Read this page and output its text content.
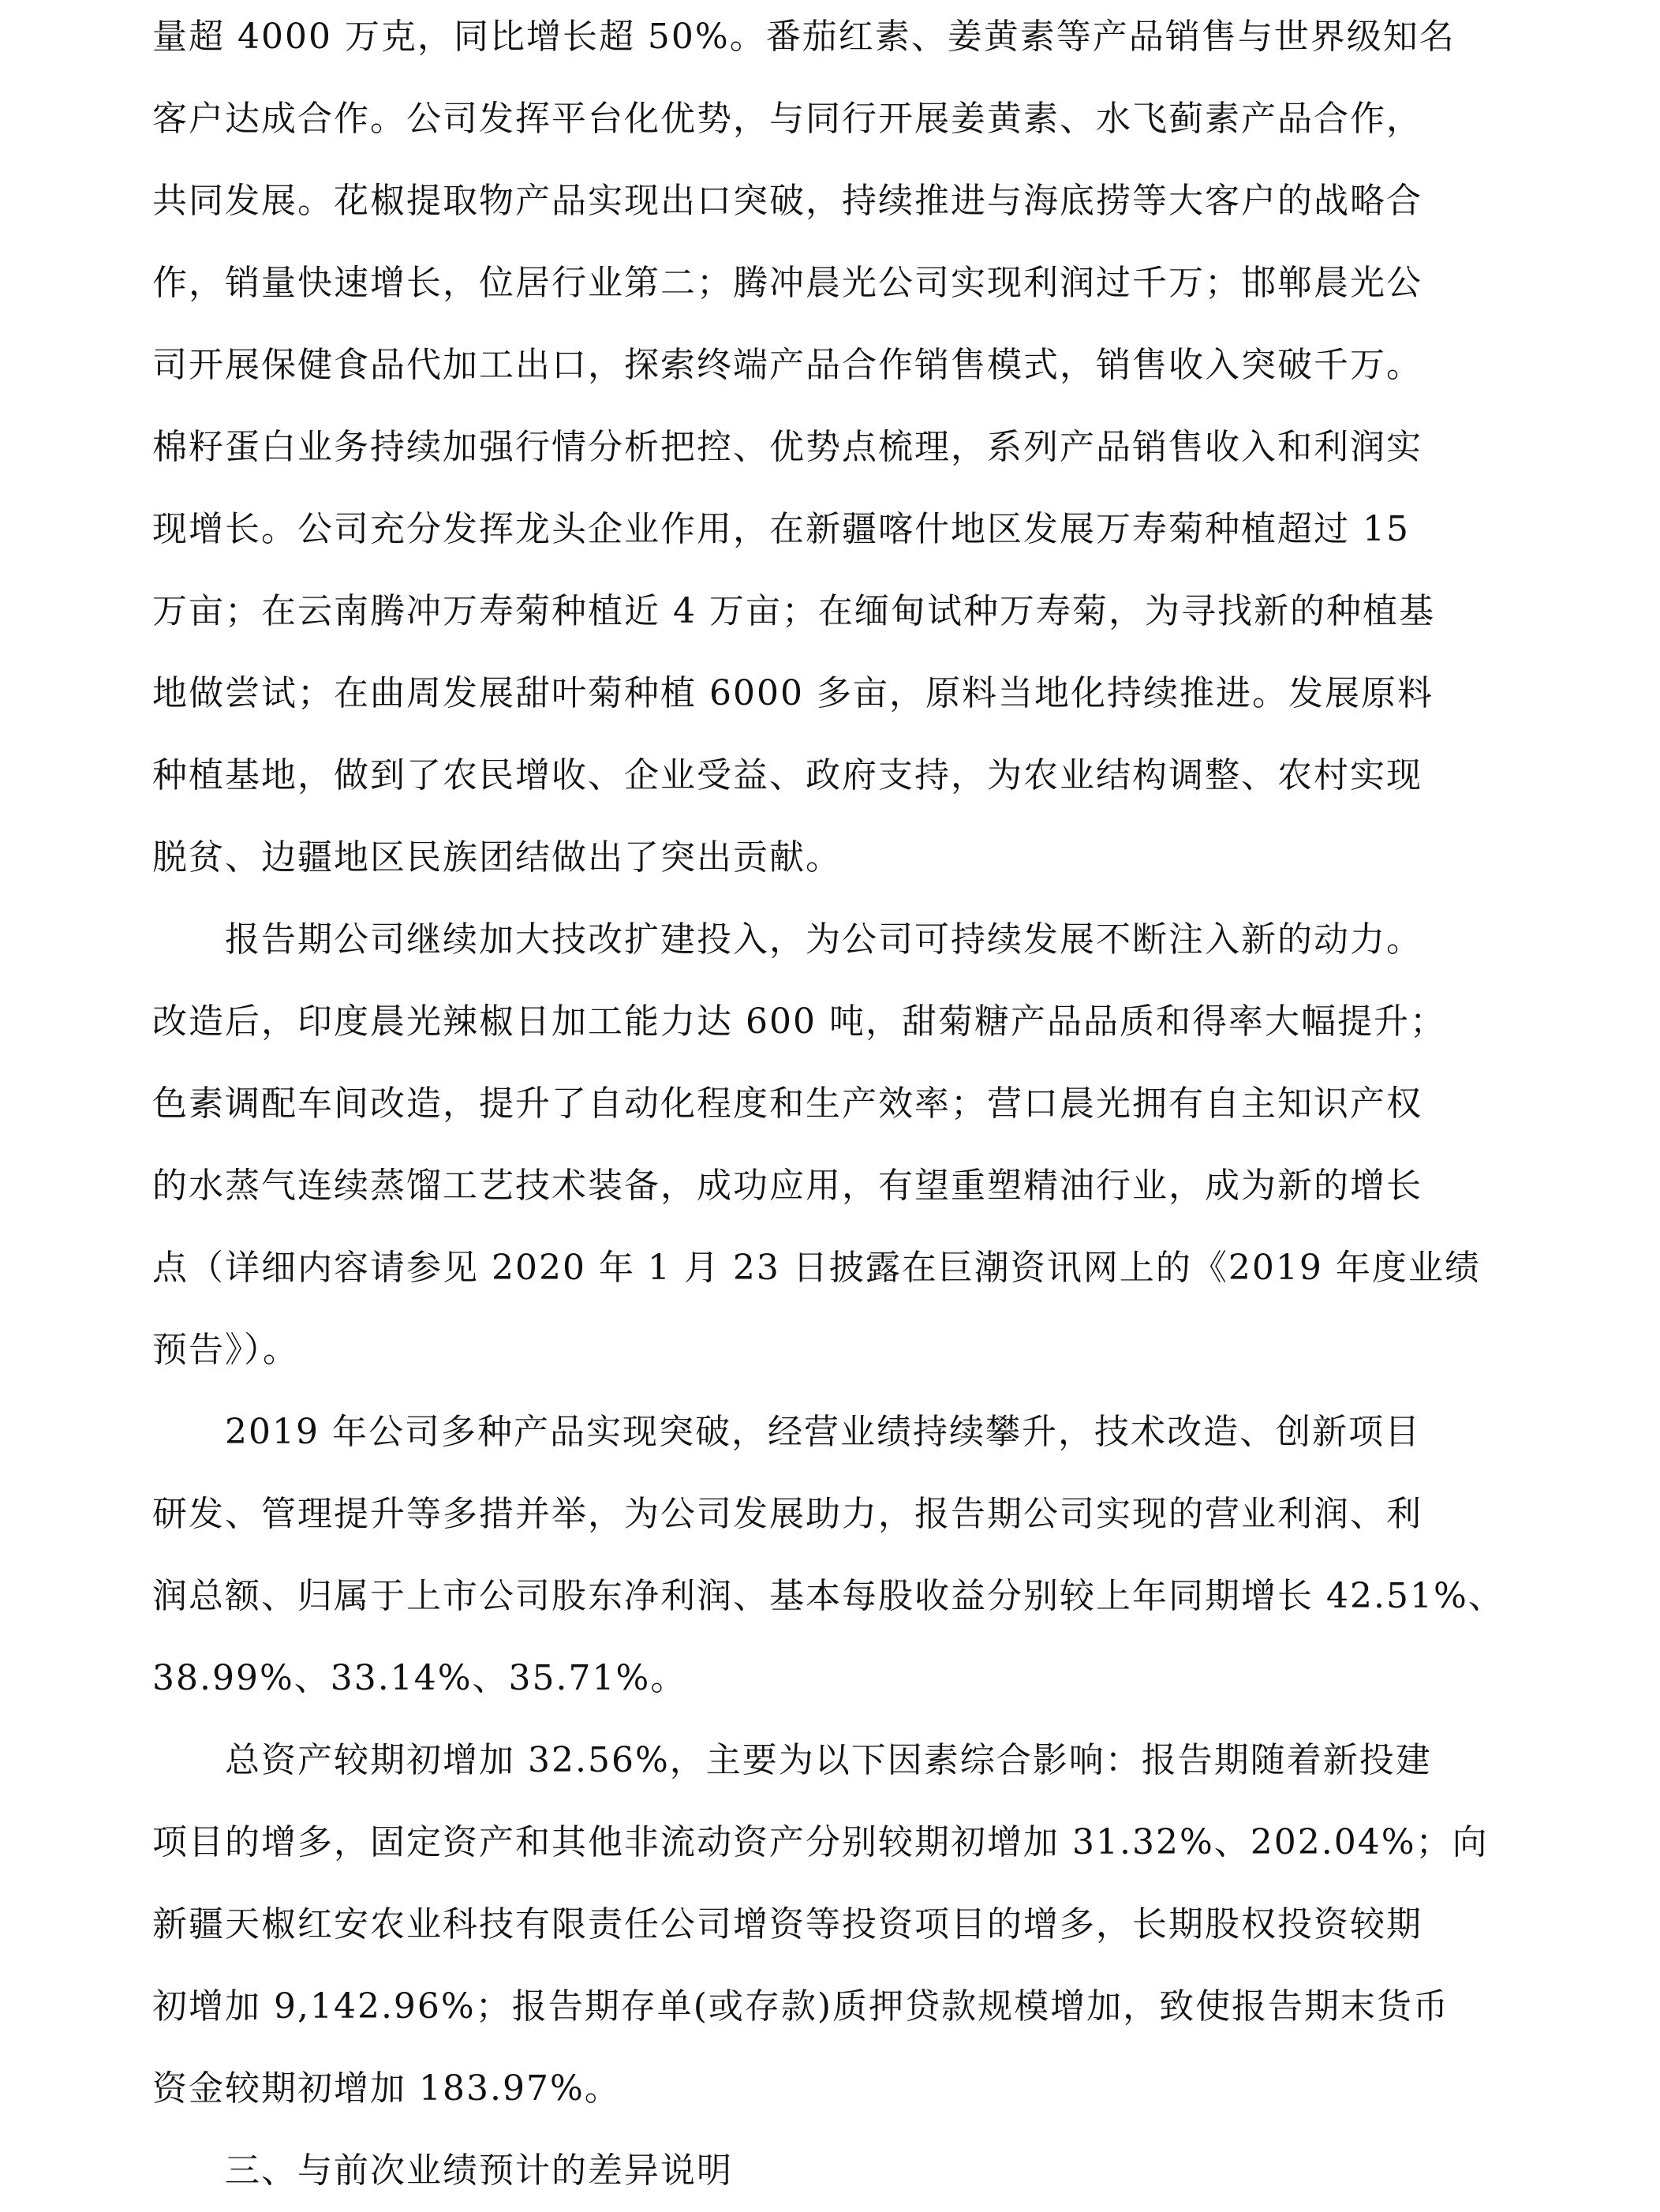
量超 4000 万克，同比增长超 50%。番茄红素、姜黄素等产品销售与世界级知名
客户达成合作。公司发挥平台化优势，与同行开展姜黄素、水飞蓟素产品合作，
共同发展。花椒提取物产品实现出口突破，持续推进与海底捞等大客户的战略合
作，销量快速增长，位居行业第二；腾冲晨光公司实现利润过千万；邯郸晨光公
司开展保健食品代加工出口，探索终端产品合作销售模式，销售收入突破千万。
棉籽蛋白业务持续加强行情分析把控、优势点梳理，系列产品销售收入和利润实
现增长。公司充分发挥龙头企业作用，在新疆喀什地区发展万寿菊种植超过 15
万亩；在云南腾冲万寿菊种植近 4 万亩；在缅甸试种万寿菊，为寻找新的种植基
地做尝试；在曲周发展甜叶菊种植 6000 多亩，原料当地化持续推进。发展原料
种植基地，做到了农民增收、企业受益、政府支持，为农业结构调整、农村实现
脱贫、边疆地区民族团结做出了突出贡献。
报告期公司继续加大技改扩建投入，为公司可持续发展不断注入新的动力。
改造后，印度晨光辣椒日加工能力达 600 吨，甜菊糖产品品质和得率大幅提升；
色素调配车间改造，提升了自动化程度和生产效率；营口晨光拥有自主知识产权
的水蒸气连续蒸馏工艺技术装备，成功应用，有望重塑精油行业，成为新的增长
点（详细内容请参见 2020 年 1 月 23 日披露在巨潮资讯网上的《2019 年度业绩
预告》）。
2019 年公司多种产品实现突破，经营业绩持续攀升，技术改造、创新项目
研发、管理提升等多措并举，为公司发展助力，报告期公司实现的营业利润、利
润总额、归属于上市公司股东净利润、基本每股收益分别较上年同期增长 42.51%、
38.99%、33.14%、35.71%。
总资产较期初增加 32.56%，主要为以下因素综合影响：报告期随着新投建
项目的增多，固定资产和其他非流动资产分别较期初增加 31.32%、202.04%；向
新疆天椒红安农业科技有限责任公司增资等投资项目的增多，长期股权投资较期
初增加 9,142.96%；报告期存单(或存款)质押贷款规模增加，致使报告期末货币
资金较期初增加 183.97%。
三、与前次业绩预计的差异说明
